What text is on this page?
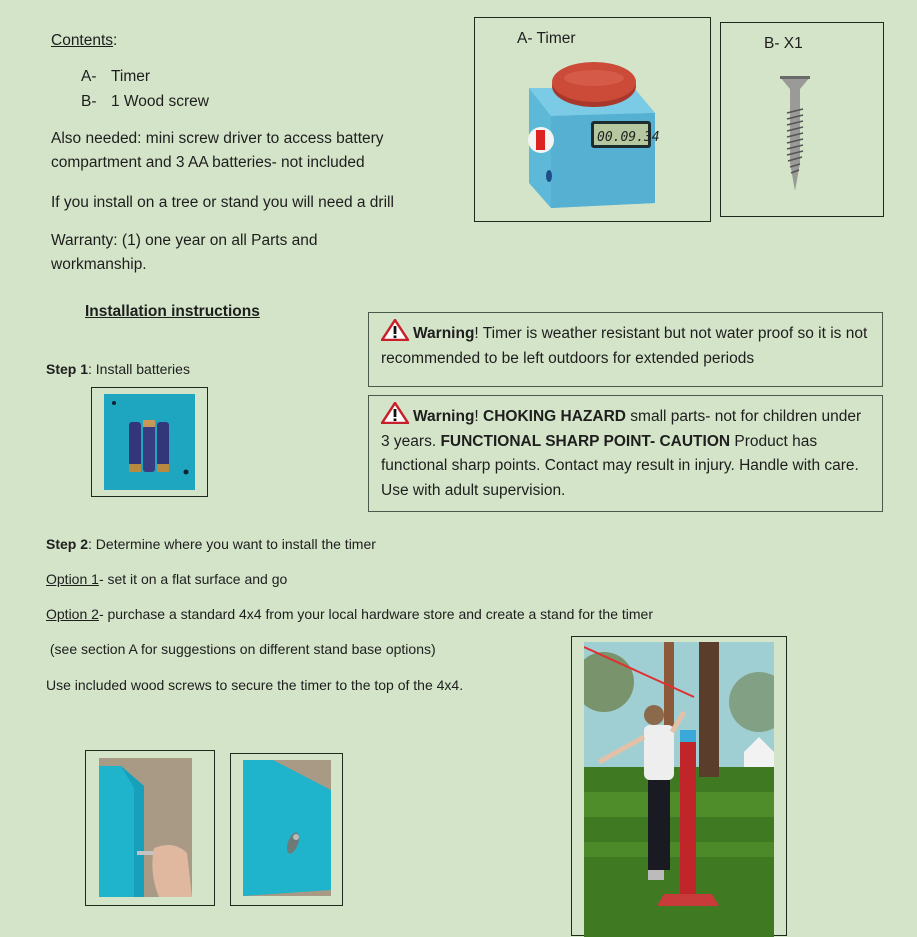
Contents:
A- Timer
B- 1 Wood screw
Also needed: mini screw driver to access battery
compartment and 3 AA batteries- not included
If you install on a tree or stand you will need a drill
Warranty: (1) one year on all Parts and
workmanship.
A- Timer
00.09.34
B- X1
Installation instructions
Step 1: Install batteries
Warning! Timer is weather resistant but not water proof so it is not recommended to be left outdoors for extended periods
Warning! CHOKING HAZARD small parts- not for children under 3 years. FUNCTIONAL SHARP POINT- CAUTION Product has functional sharp points. Contact may result in injury. Handle with care. Use with adult supervision.
Step 2: Determine where you want to install the timer
Option 1- set it on a flat surface and go
Option 2- purchase a standard 4x4 from your local hardware store and create a stand for the timer
(see section A for suggestions on different stand base options)
Use included wood screws to secure the timer to the top of the 4x4.
